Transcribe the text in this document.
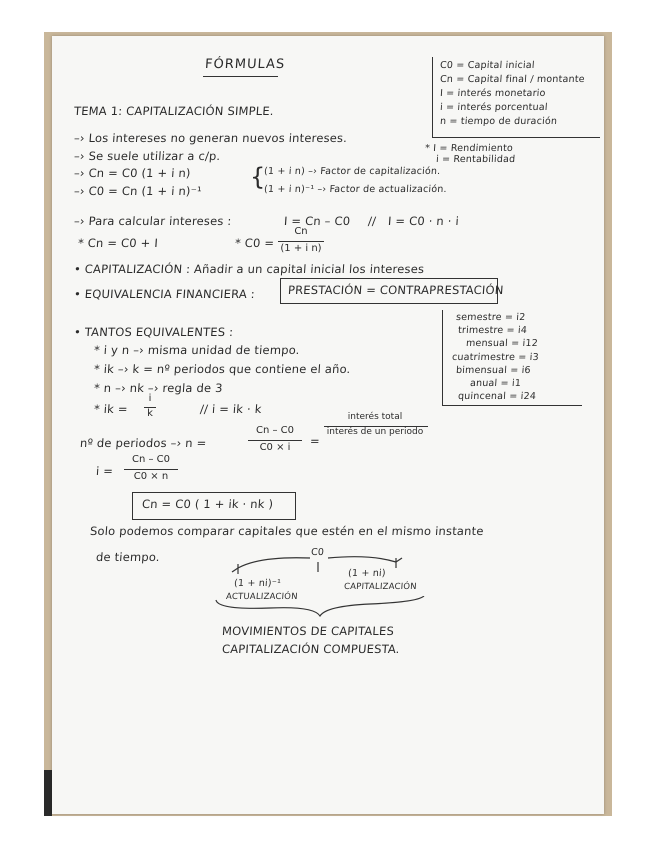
FÓRMULAS	C0 = Capital inicial
Cn = Capital final / montante
I = interés monetario
i = interés porcentual
n = tiempo de duración
TEMA 1: CAPITALIZACIÓN SIMPLE.
–› Los intereses no generan nuevos intereses.
–› Se suele utilizar a c/p.
–› Cn = C0 (1 + i n)
–› C0 = Cn (1 + i n)⁻¹ {
(1 + i n) –› Factor de capitalización.
(1 + i n)⁻¹ –› Factor de actualización.
* I = Rendimiento
i = Rentabilidad
–› Para calcular intereses :	I = Cn – C0 // I = C0 · n · i
* Cn = C0 + I	* C0 =
Cn
(1 + i n)
• CAPITALIZACIÓN : Añadir a un capital inicial los intereses
• EQUIVALENCIA FINANCIERA :	PRESTACIÓN = CONTRAPRESTACIÓN
• TANTOS EQUIVALENTES :
* i y n –› misma unidad de tiempo.
* ik –› k = nº periodos que contiene el año.
* n –› nk –› regla de 3
* ik =
i
k	// i = ik · k
semestre = i2
trimestre = i4
mensual = i12
cuatrimestre = i3
bimensual = i6
anual = i1
quincenal = i24
nº de periodos –› n =
Cn – C0
C0 × i	=
interés total
interés de un periodo
i =
Cn – C0
C0 × n
Cn = C0 ( 1 + ik · nk )
Solo podemos comparar capitales que estén en el mismo instante
de tiempo.	C0
(1 + ni)⁻¹
ACTUALIZACIÓN
(1 + ni)
CAPITALIZACIÓN
MOVIMIENTOS DE CAPITALES
CAPITALIZACIÓN COMPUESTA.
